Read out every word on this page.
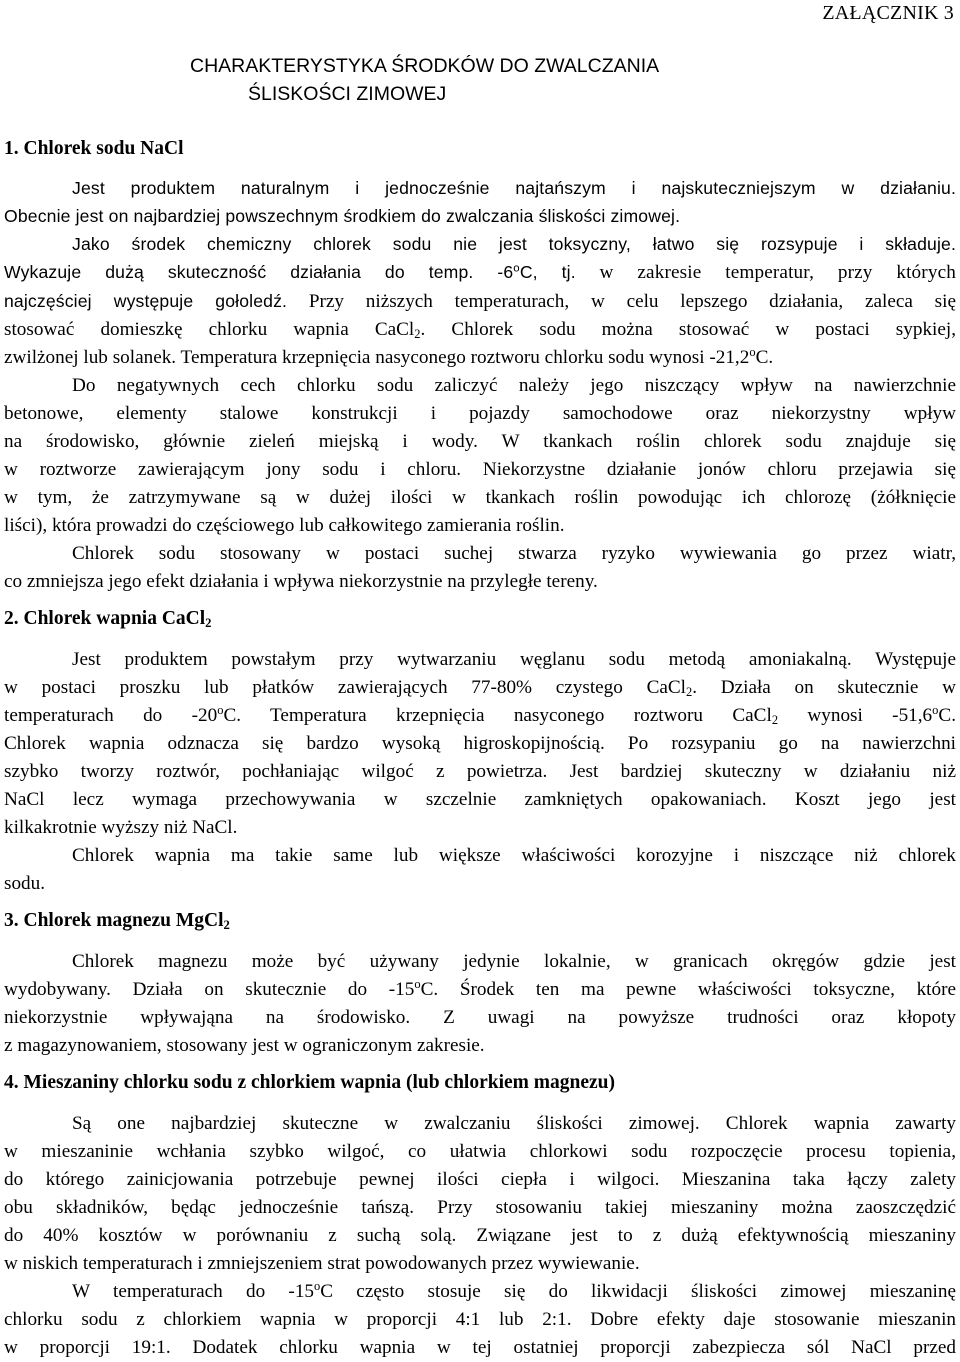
ZAŁĄCZNIK 3
CHARAKTERYSTYKA ŚRODKÓW DO ZWALCZANIA
ŚLISKOŚCI ZIMOWEJ
1. Chlorek sodu NaCl

Jest produktem naturalnym i jednocześnie najtańszym i najskuteczniejszym w działaniu.
Obecnie jest on najbardziej powszechnym środkiem do zwalczania śliskości zimowej.
Jako środek chemiczny chlorek sodu nie jest toksyczny, łatwo się rozsypuje i składuje.
Wykazuje dużą skuteczność działania do temp. -6$^o$C, tj. w zakresie temperatur, przy których
najczęściej występuje gołoledź. Przy niższych temperaturach, w celu lepszego działania, zaleca się
stosować domieszkę chlorku wapnia CaCl$_2$. Chlorek sodu można stosować w postaci sypkiej,
zwilżonej lub solanek. Temperatura krzepnięcia nasyconego roztworu chlorku sodu wynosi -21,2$^o$C.

Do negatywnych cech chlorku sodu zaliczyć należy jego niszczący wpływ na nawierzchnie
betonowe, elementy stalowe konstrukcji i pojazdy samochodowe oraz niekorzystny wpływ
na środowisko, głównie zieleń miejską i wody. W tkankach roślin chlorek sodu znajduje się
w roztworze zawierającym jony sodu i chloru. Niekorzystne działanie jonów chloru przejawia się
w tym, że zatrzymywane są w dużej ilości w tkankach roślin powodując ich chlorozę (żółknięcie
liści), która prowadzi do częściowego lub całkowitego zamierania roślin.

Chlorek sodu stosowany w postaci suchej stwarza ryzyko wywiewania go przez wiatr,
co zmniejsza jego efekt działania i wpływa niekorzystnie na przyległe tereny.

2. Chlorek wapnia CaCl$_2$

Jest produktem powstałym przy wytwarzaniu węglanu sodu metodą amoniakalną. Występuje
w postaci proszku lub płatków zawierających 77-80% czystego CaCl$_2$. Działa on skutecznie w
temperaturach do -20$^o$C. Temperatura krzepnięcia nasyconego roztworu CaCl$_2$ wynosi -51,6$^o$C.
Chlorek wapnia odznacza się bardzo wysoką higroskopijnością. Po rozsypaniu go na nawierzchni
szybko tworzy roztwór, pochłaniając wilgoć z powietrza. Jest bardziej skuteczny w działaniu niż
NaCl lecz wymaga przechowywania w szczelnie zamkniętych opakowaniach. Koszt jego jest
kilkakrotnie wyższy niż NaCl.

Chlorek wapnia ma takie same lub większe właściwości korozyjne i niszczące niż chlorek
sodu.

3. Chlorek magnezu MgCl$_2$

Chlorek magnezu może być używany jedynie lokalnie, w granicach okręgów gdzie jest
wydobywany. Działa on skutecznie do -15$^o$C. Środek ten ma pewne właściwości toksyczne, które
niekorzystnie wpływająna na środowisko. Z uwagi na powyższe trudności oraz kłopoty
z magazynowaniem, stosowany jest w ograniczonym zakresie.

4. Mieszaniny chlorku sodu z chlorkiem wapnia (lub chlorkiem magnezu)

Są one najbardziej skuteczne w zwalczaniu śliskości zimowej. Chlorek wapnia zawarty
w mieszaninie wchłania szybko wilgoć, co ułatwia chlorkowi sodu rozpoczęcie procesu topienia,
do którego zainicjowania potrzebuje pewnej ilości ciepła i wilgoci. Mieszanina taka łączy zalety
obu składników, będąc jednocześnie tańszą. Przy stosowaniu takiej mieszaniny można zaoszczędzić
do 40% kosztów w porównaniu z suchą solą. Związane jest to z dużą efektywnością mieszaniny
w niskich temperaturach i zmniejszeniem strat powodowanych przez wywiewanie.

W temperaturach do -15$^o$C często stosuje się do likwidacji śliskości zimowej mieszaninę
chlorku sodu z chlorkiem wapnia w proporcji 4:1 lub 2:1. Dobre efekty daje stosowanie mieszanin
w proporcji 19:1. Dodatek chlorku wapnia w tej ostatniej proporcji zabezpiecza sól NaCl przed
